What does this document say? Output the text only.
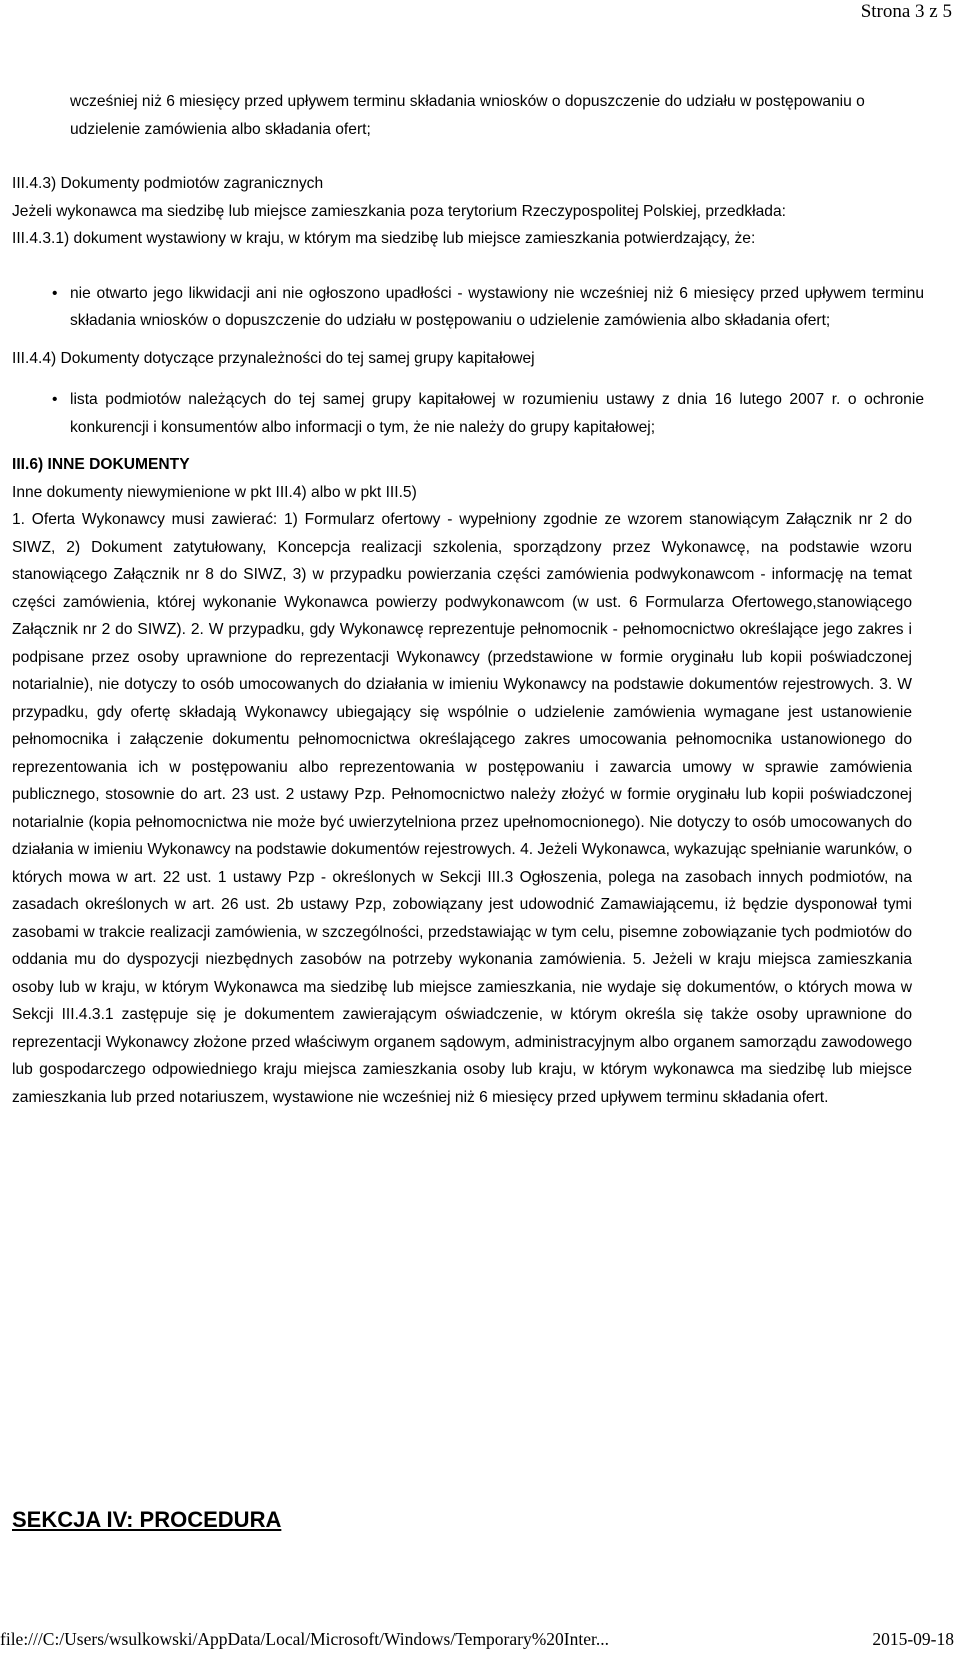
Strona 3 z 5

wcześniej niż 6 miesięcy przed upływem terminu składania wniosków o dopuszczenie do udziału w postępowaniu o udzielenie zamówienia albo składania ofert;

III.4.3) Dokumenty podmiotów zagranicznych

Jeżeli wykonawca ma siedzibę lub miejsce zamieszkania poza terytorium Rzeczypospolitej Polskiej, przedkłada:

III.4.3.1) dokument wystawiony w kraju, w którym ma siedzibę lub miejsce zamieszkania potwierdzający, że:

• nie otwarto jego likwidacji ani nie ogłoszono upadłości - wystawiony nie wcześniej niż 6 miesięcy przed upływem terminu składania wniosków o dopuszczenie do udziału w postępowaniu o udzielenie zamówienia albo składania ofert;

III.4.4) Dokumenty dotyczące przynależności do tej samej grupy kapitałowej

• lista podmiotów należących do tej samej grupy kapitałowej w rozumieniu ustawy z dnia 16 lutego 2007 r. o ochronie konkurencji i konsumentów albo informacji o tym, że nie należy do grupy kapitałowej;

III.6) INNE DOKUMENTY

Inne dokumenty niewymienione w pkt III.4) albo w pkt III.5)

1. Oferta Wykonawcy musi zawierać: 1) Formularz ofertowy - wypełniony zgodnie ze wzorem stanowiącym Załącznik nr 2 do SIWZ, 2) Dokument zatytułowany, Koncepcja realizacji szkolenia, sporządzony przez Wykonawcę, na podstawie wzoru stanowiącego Załącznik nr 8 do SIWZ, 3) w przypadku powierzania części zamówienia podwykonawcom - informację na temat części zamówienia, której wykonanie Wykonawca powierzy podwykonawcom (w ust. 6 Formularza Ofertowego,stanowiącego Załącznik nr 2 do SIWZ). 2. W przypadku, gdy Wykonawcę reprezentuje pełnomocnik - pełnomocnictwo określające jego zakres i podpisane przez osoby uprawnione do reprezentacji Wykonawcy (przedstawione w formie oryginału lub kopii poświadczonej notarialnie), nie dotyczy to osób umocowanych do działania w imieniu Wykonawcy na podstawie dokumentów rejestrowych. 3. W przypadku, gdy ofertę składają Wykonawcy ubiegający się wspólnie o udzielenie zamówienia wymagane jest ustanowienie pełnomocnika i załączenie dokumentu pełnomocnictwa określającego zakres umocowania pełnomocnika ustanowionego do reprezentowania ich w postępowaniu albo reprezentowania w postępowaniu i zawarcia umowy w sprawie zamówienia publicznego, stosownie do art. 23 ust. 2 ustawy Pzp. Pełnomocnictwo należy złożyć w formie oryginału lub kopii poświadczonej notarialnie (kopia pełnomocnictwa nie może być uwierzytelniona przez upełnomocnionego). Nie dotyczy to osób umocowanych do działania w imieniu Wykonawcy na podstawie dokumentów rejestrowych. 4. Jeżeli Wykonawca, wykazując spełnianie warunków, o których mowa w art. 22 ust. 1 ustawy Pzp - określonych w Sekcji III.3 Ogłoszenia, polega na zasobach innych podmiotów, na zasadach określonych w art. 26 ust. 2b ustawy Pzp, zobowiązany jest udowodnić Zamawiającemu, iż będzie dysponował tymi zasobami w trakcie realizacji zamówienia, w szczególności, przedstawiając w tym celu, pisemne zobowiązanie tych podmiotów do oddania mu do dyspozycji niezbędnych zasobów na potrzeby wykonania zamówienia. 5. Jeżeli w kraju miejsca zamieszkania osoby lub w kraju, w którym Wykonawca ma siedzibę lub miejsce zamieszkania, nie wydaje się dokumentów, o których mowa w Sekcji III.4.3.1 zastępuje się je dokumentem zawierającym oświadczenie, w którym określa się także osoby uprawnione do reprezentacji Wykonawcy złożone przed właściwym organem sądowym, administracyjnym albo organem samorządu zawodowego lub gospodarczego odpowiedniego kraju miejsca zamieszkania osoby lub kraju, w którym wykonawca ma siedzibę lub miejsce zamieszkania lub przed notariuszem, wystawione nie wcześniej niż 6 miesięcy przed upływem terminu składania ofert.

SEKCJA IV: PROCEDURA
file:///C:/Users/wsulkowski/AppData/Local/Microsoft/Windows/Temporary%20Inter...	2015-09-18
